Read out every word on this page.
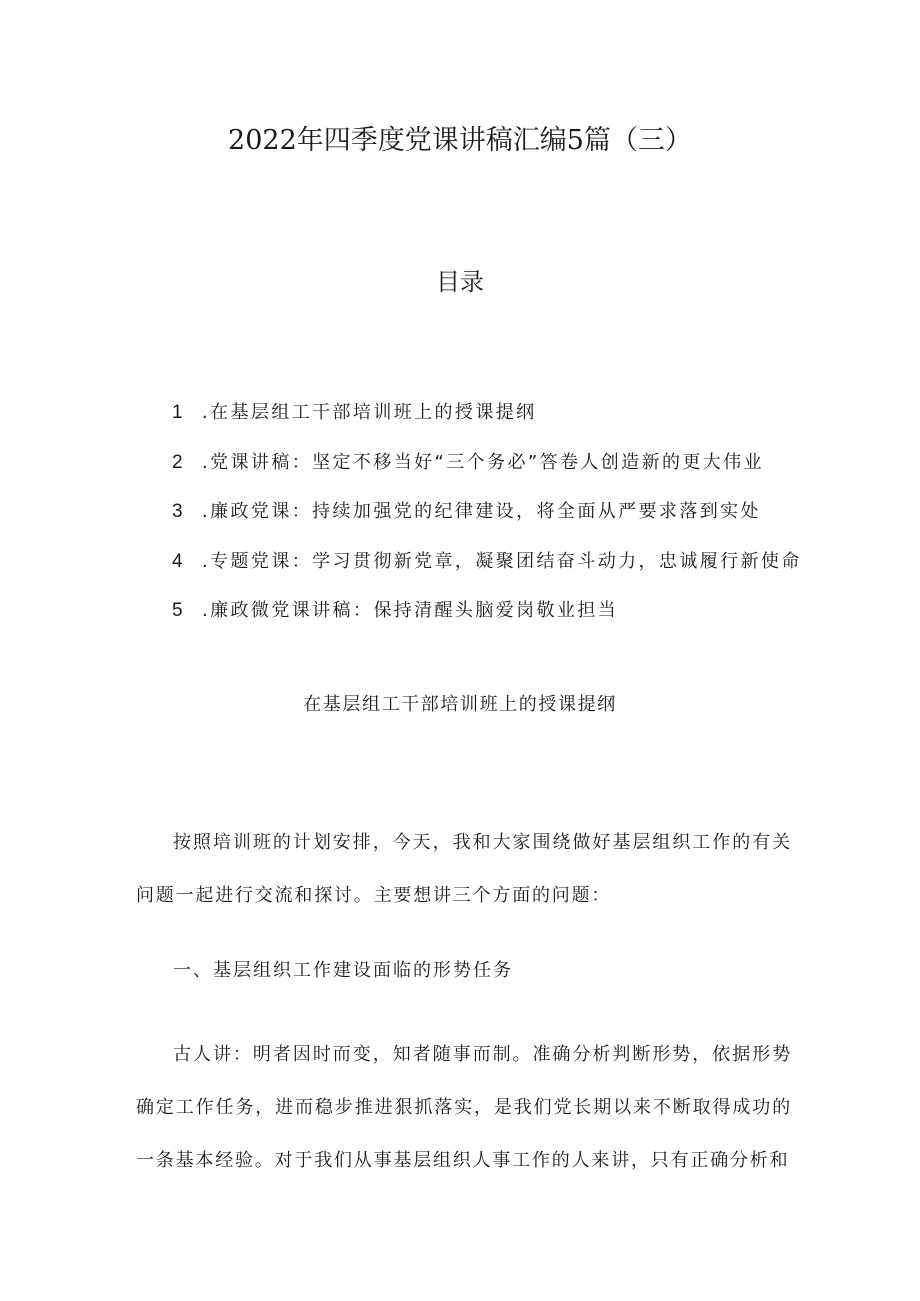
2022年四季度党课讲稿汇编5篇（三）
目录
1 .在基层组工干部培训班上的授课提纲
2 .党课讲稿：坚定不移当好“三个务必”答卷人创造新的更大伟业
3 .廉政党课：持续加强党的纪律建设，将全面从严要求落到实处
4 .专题党课：学习贯彻新党章，凝聚团结奋斗动力，忠诚履行新使命
5 .廉政微党课讲稿：保持清醒头脑爱岗敬业担当
在基层组工干部培训班上的授课提纲

按照培训班的计划安排，今天，我和大家围绕做好基层组织工作的有关问题一起进行交流和探讨。主要想讲三个方面的问题：

一、基层组织工作建设面临的形势任务

古人讲：明者因时而变，知者随事而制。准确分析判断形势，依据形势确定工作任务，进而稳步推进狠抓落实，是我们党长期以来不断取得成功的一条基本经验。对于我们从事基层组织人事工作的人来讲，只有正确分析和
